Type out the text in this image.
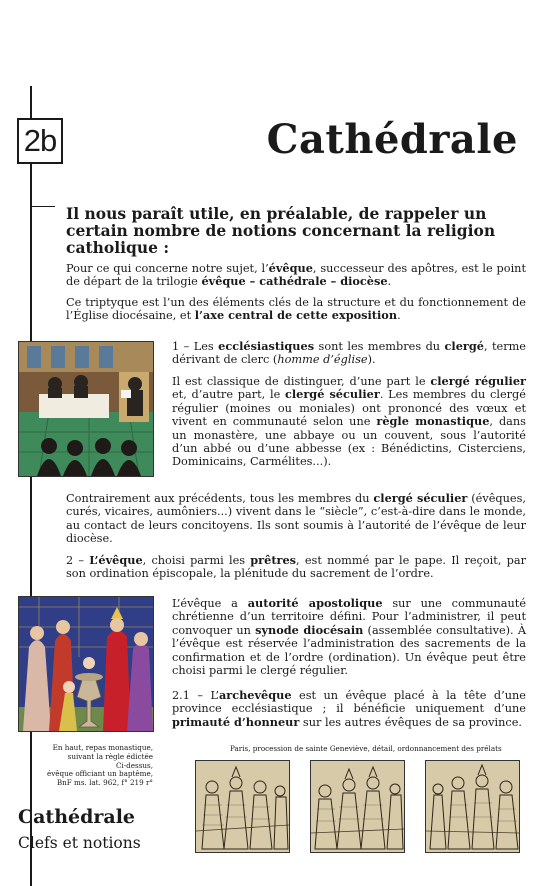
2b	Cathédrale

Il nous paraît utile, en préalable, de rappeler un certain nombre de notions concernant la religion catholique :

Pour ce qui concerne notre sujet, l’évêque, successeur des apôtres, est le point de départ de la trilogie évêque – cathédrale – diocèse.

Ce triptyque est l’un des éléments clés de la structure et du fonctionnement de l’Église diocésaine, et l’axe central de cette exposition.

1 – Les ecclésiastiques sont les membres du clergé, terme dérivant de clerc (homme d’église).

Il est classique de distinguer, d’une part le clergé régulier et, d’autre part, le clergé séculier. Les membres du clergé régulier (moines ou moniales) ont prononcé des vœux et vivent en communauté selon une règle monastique, dans un monastère, une abbaye ou un couvent, sous l’autorité d’un abbé ou d’une abbesse (ex : Bénédictins, Cisterciens, Dominicains, Carmélites...).

Contrairement aux précédents, tous les membres du clergé séculier (évêques, curés, vicaires, aumôniers...) vivent dans le “siècle”, c’est-à-dire dans le monde, au contact de leurs concitoyens. Ils sont soumis à l’autorité de l’évêque de leur diocèse.

2 – L’évêque, choisi parmi les prêtres, est nommé par le pape. Il reçoit, par son ordination épiscopale, la plénitude du sacrement de l’ordre.

L’évêque a autorité apostolique sur une communauté chrétienne d’un territoire défini. Pour l’administrer, il peut convoquer un synode diocésain (assemblée consultative). À l’évêque est réservée l’administration des sacrements de la confirmation et de l’ordre (ordination). Un évêque peut être choisi parmi le clergé régulier.

2.1 – L’archevêque est un évêque placé à la tête d’une province ecclésiastique ; il bénéficie uniquement d’une primauté d’honneur sur les autres évêques de sa province.

En haut, repas monastique,
suivant la règle édictée
Ci-dessus,
évêque officiant un baptême,
BnF ms. lat. 962, f° 219 r°
Paris, procession de sainte Geneviève, détail, ordonnancement des prélats
Cathédrale

Clefs et notions
